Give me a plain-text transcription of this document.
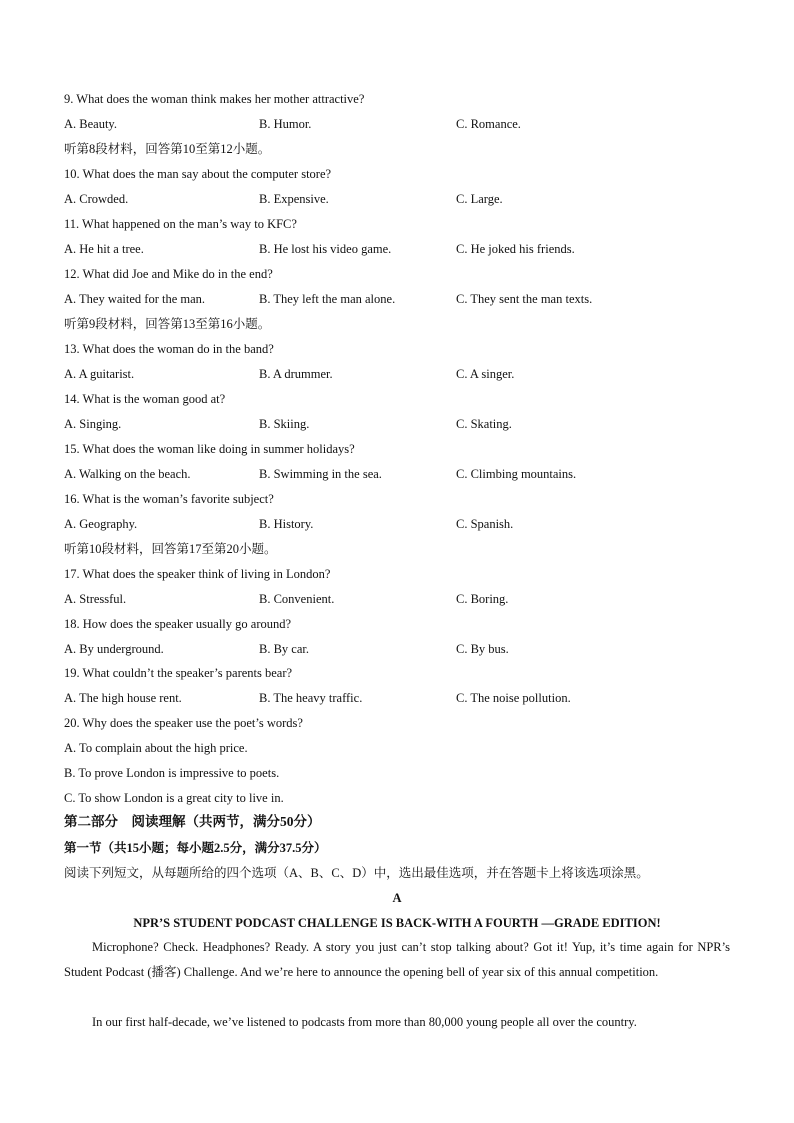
9. What does the woman think makes her mother attractive?
A. Beauty.	B. Humor.	C. Romance.
听第8段材料，回答第10至第12小题。
10. What does the man say about the computer store?
A. Crowded.	B. Expensive.	C. Large.
11. What happened on the man’s way to KFC?
A. He hit a tree.	B. He lost his video game.	C. He joked his friends.
12. What did Joe and Mike do in the end?
A. They waited for the man.	B. They left the man alone.	C. They sent the man texts.
听第9段材料，回答第13至第16小题。
13. What does the woman do in the band?
A. A guitarist.	B. A drummer.	C. A singer.
14. What is the woman good at?
A. Singing.	B. Skiing.	C. Skating.
15. What does the woman like doing in summer holidays?
A. Walking on the beach.	B. Swimming in the sea.	C. Climbing mountains.
16. What is the woman’s favorite subject?
A. Geography.	B. History.	C. Spanish.
听第10段材料，回答第17至第20小题。
17. What does the speaker think of living in London?
A. Stressful.	B. Convenient.	C. Boring.
18. How does the speaker usually go around?
A. By underground.	B. By car.	C. By bus.
19. What couldn’t the speaker’s parents bear?
A. The high house rent.	B. The heavy traffic.	C. The noise pollution.
20. Why does the speaker use the poet’s words?
A. To complain about the high price.
B. To prove London is impressive to poets.
C. To show London is a great city to live in.
第二部分　阅读理解（共两节，满分50分）
第一节（共15小题；每小题2.5分，满分37.5分）
阅读下列短文，从每题所给的四个选项（A、B、C、D）中，选出最佳选项，并在答题卡上将该选项涂黑。
A
NPR’S STUDENT PODCAST CHALLENGE IS BACK-WITH A FOURTH —GRADE EDITION!
Microphone? Check. Headphones? Ready. A story you just can’t stop talking about? Got it! Yup, it’s time again for NPR’s Student Podcast (播客) Challenge. And we’re here to announce the opening bell of year six of this annual competition.
In our first half-decade, we’ve listened to podcasts from more than 80,000 young people all over the country.
